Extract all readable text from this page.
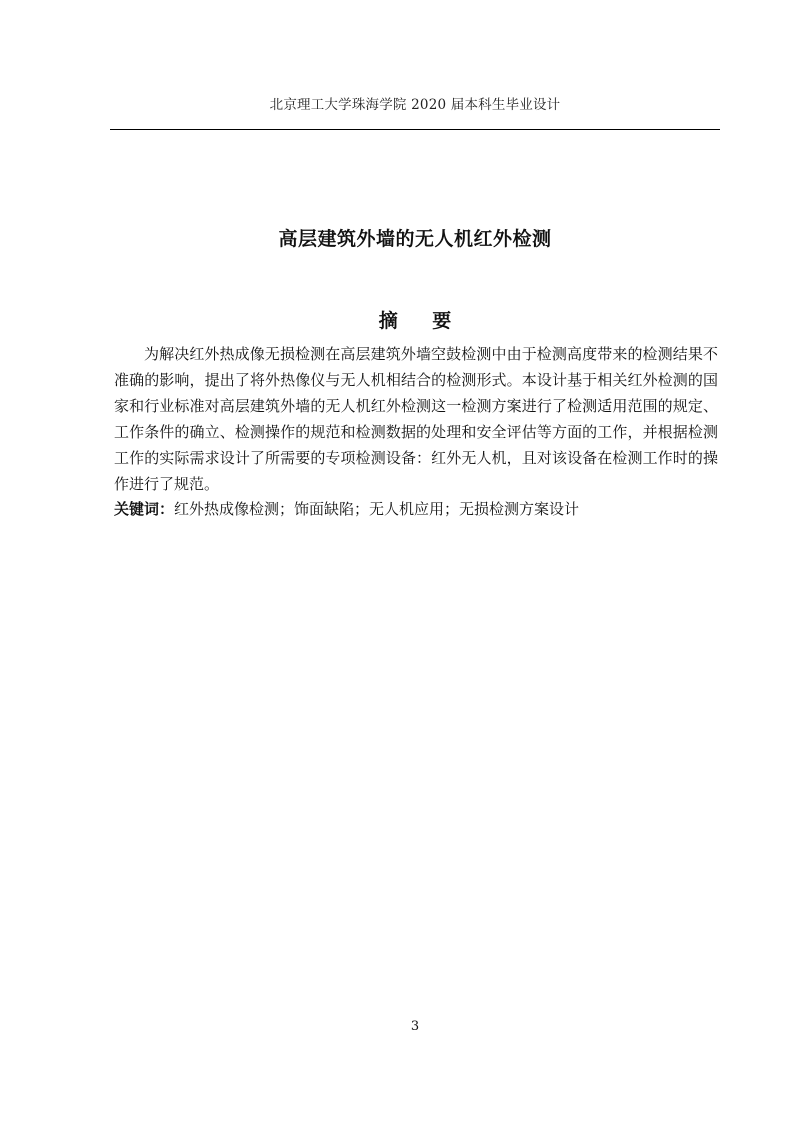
北京理工大学珠海学院 2020 届本科生毕业设计
高层建筑外墙的无人机红外检测
摘 要

为解决红外热成像无损检测在高层建筑外墙空鼓检测中由于检测高度带来的检测结果不准确的影响，提出了将外热像仪与无人机相结合的检测形式。本设计基于相关红外检测的国家和行业标准对高层建筑外墙的无人机红外检测这一检测方案进行了检测适用范围的规定、工作条件的确立、检测操作的规范和检测数据的处理和安全评估等方面的工作，并根据检测工作的实际需求设计了所需要的专项检测设备：红外无人机，且对该设备在检测工作时的操作进行了规范。

关键词：红外热成像检测；饰面缺陷；无人机应用；无损检测方案设计

3
